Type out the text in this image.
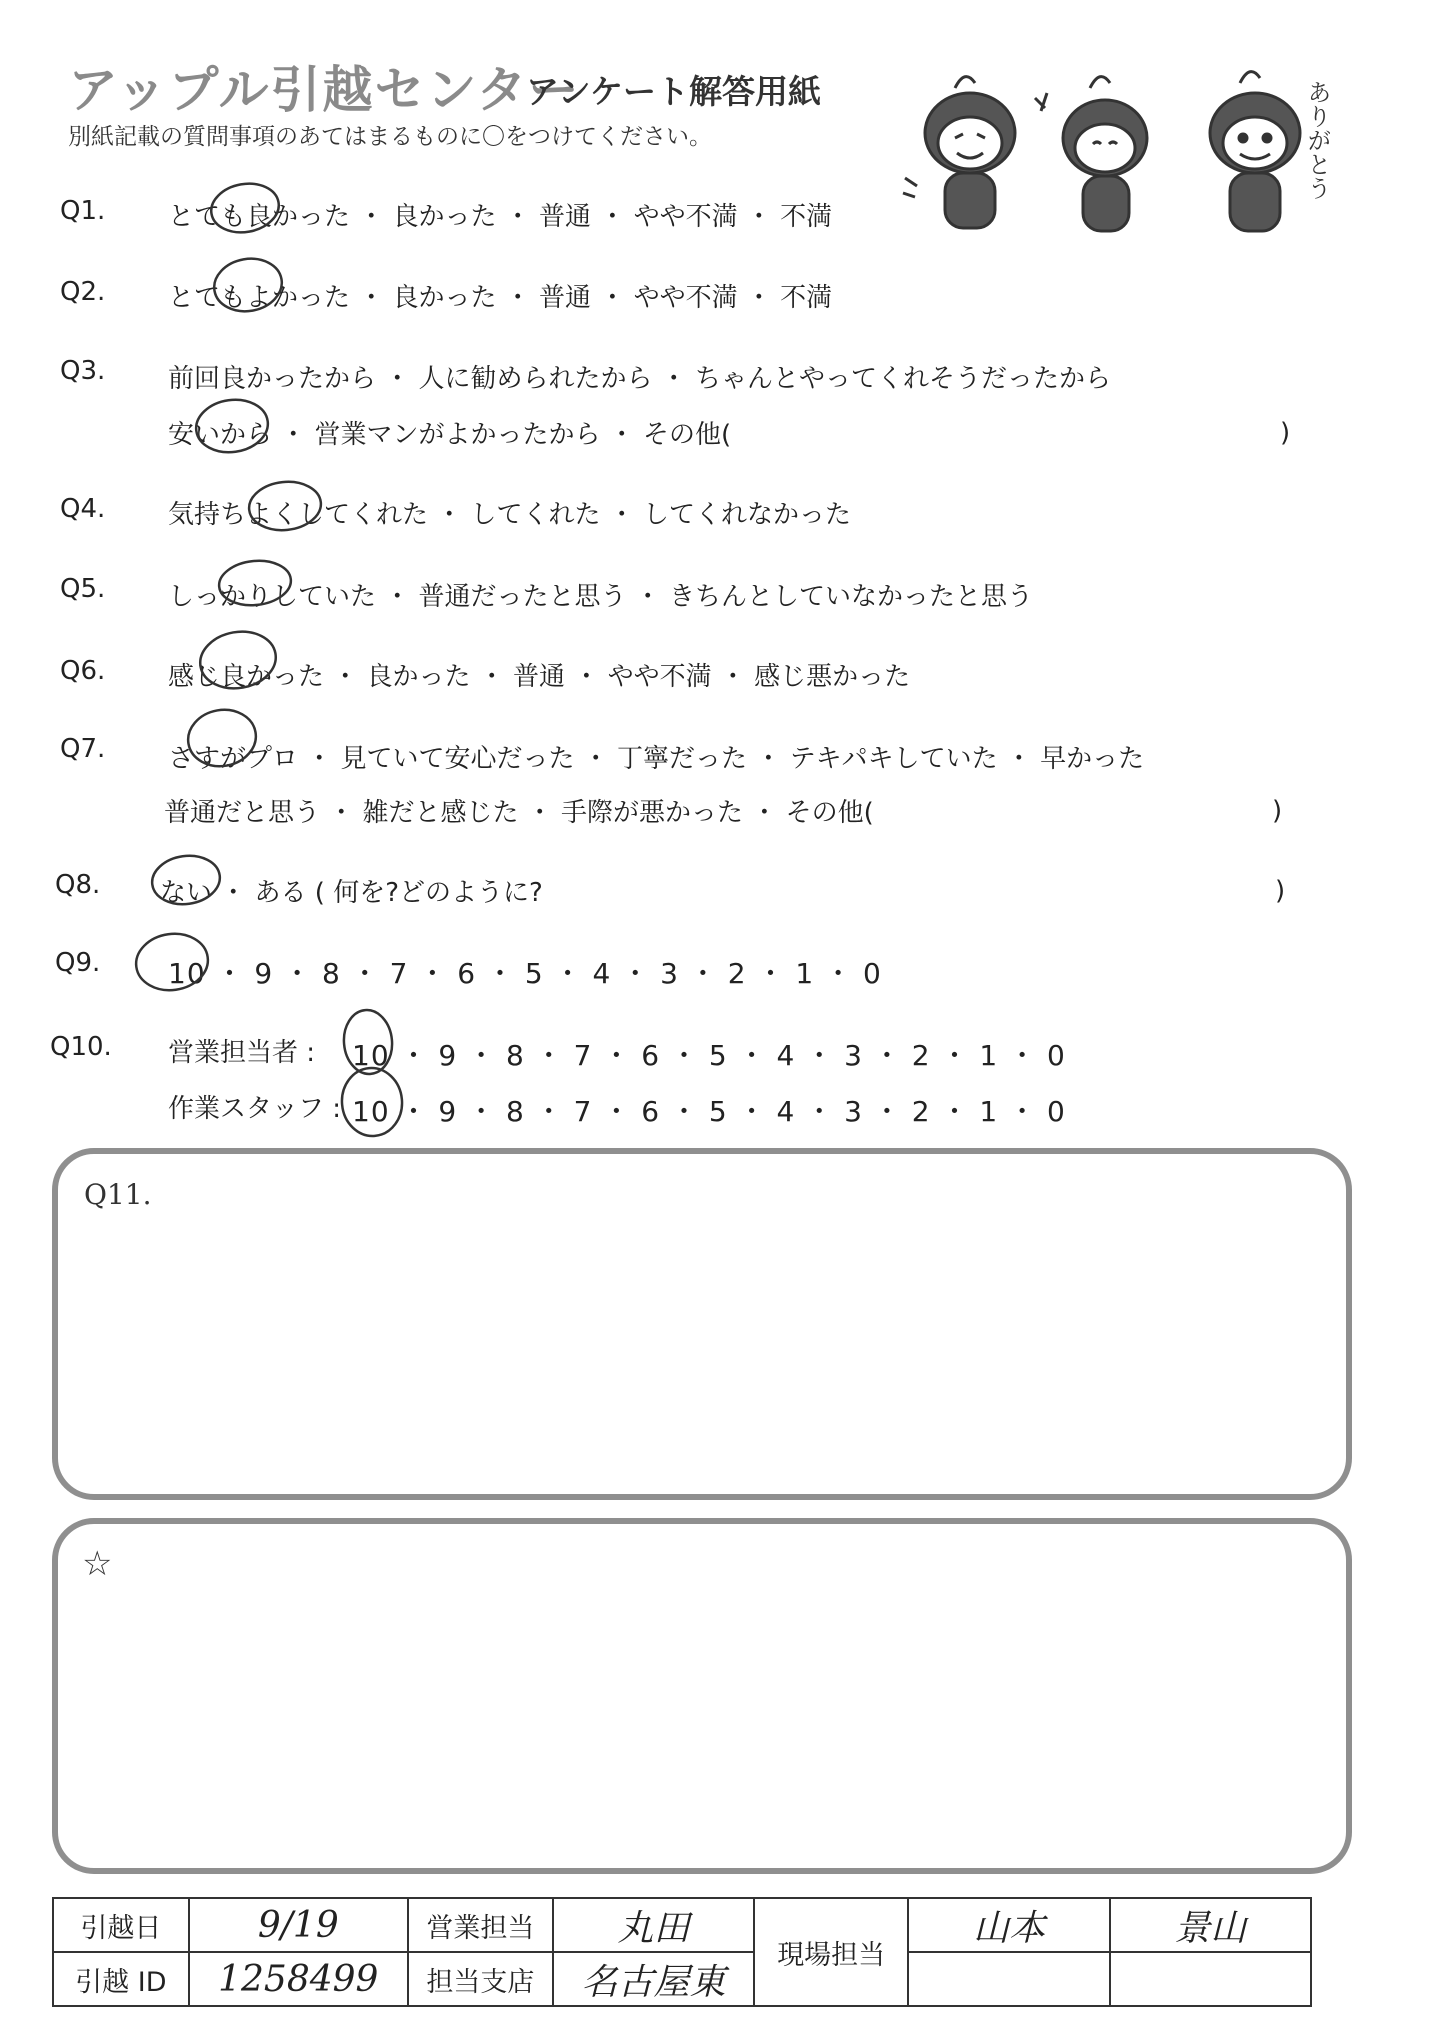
アップル引越センター
アンケート解答用紙
別紙記載の質問事項のあてはまるものに〇をつけてください。	ありがとう
Q1. とても良かった ・ 良かった ・ 普通 ・ やや不満 ・ 不満
Q2. とてもよかった ・ 良かった ・ 普通 ・ やや不満 ・ 不満
Q3. 前回良かったから ・ 人に勧められたから ・ ちゃんとやってくれそうだったから
安いから ・ 営業マンがよかったから ・ その他(	)
Q4. 気持ちよくしてくれた ・ してくれた ・ してくれなかった
Q5. しっかりしていた ・ 普通だったと思う ・ きちんとしていなかったと思う
Q6. 感じ良かった ・ 良かった ・ 普通 ・ やや不満 ・ 感じ悪かった
Q7. さすがプロ ・ 見ていて安心だった ・ 丁寧だった ・ テキパキしていた ・ 早かった
普通だと思う ・ 雑だと感じた ・ 手際が悪かった ・ その他(	)
Q8. ない ・ ある ( 何を?どのように?	)
Q9. 10 ・ 9 ・ 8 ・ 7 ・ 6 ・ 5 ・ 4 ・ 3 ・ 2 ・ 1 ・ 0
Q10. 営業担当者 : 10 ・ 9 ・ 8 ・ 7 ・ 6 ・ 5 ・ 4 ・ 3 ・ 2 ・ 1 ・ 0
作業スタッフ : 10 ・ 9 ・ 8 ・ 7 ・ 6 ・ 5 ・ 4 ・ 3 ・ 2 ・ 1 ・ 0
Q11.
☆
引越日	9/19	営業担当	丸田	現場担当	山本	景山
引越 ID	1258499	担当支店	名古屋東			
